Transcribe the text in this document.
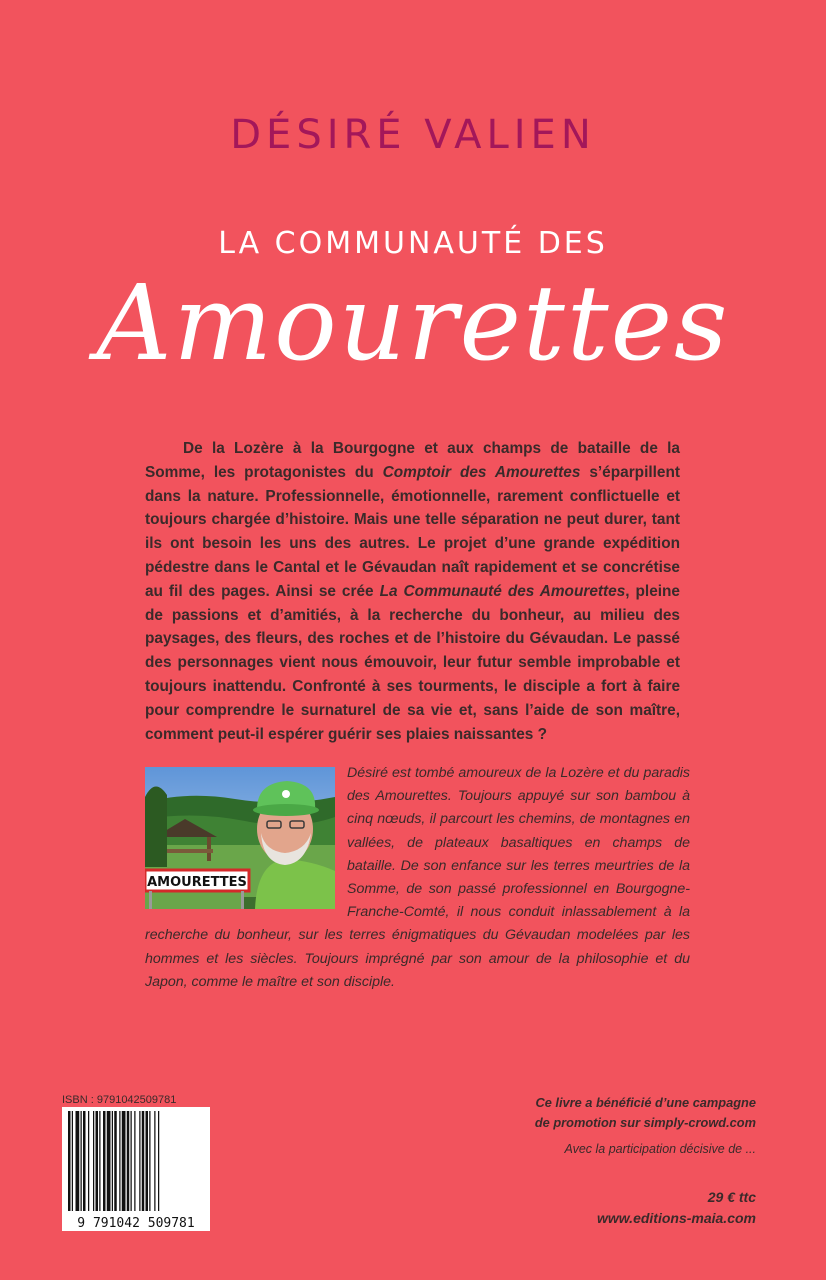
DÉSIRÉ VALIEN
LA COMMUNAUTÉ DES
Amourettes

De la Lozère à la Bourgogne et aux champs de bataille de la Somme, les protagonistes du Comptoir des Amourettes s’éparpillent dans la nature. Professionnelle, émotionnelle, rarement conflictuelle et toujours chargée d’histoire. Mais une telle séparation ne peut durer, tant ils ont besoin les uns des autres. Le projet d’une grande expédition pédestre dans le Cantal et le Gévaudan naît rapidement et se concrétise au fil des pages. Ainsi se crée La Communauté des Amourettes, pleine de passions et d’amitiés, à la recherche du bonheur, au milieu des paysages, des fleurs, des roches et de l’histoire du Gévaudan. Le passé des personnages vient nous émouvoir, leur futur semble improbable et toujours inattendu. Confronté à ses tourments, le disciple a fort à faire pour comprendre le surnaturel de sa vie et, sans l’aide de son maître, comment peut-il espérer guérir ses plaies naissantes ?

AMOURETTES

Désiré est tombé amoureux de la Lozère et du paradis des Amourettes. Toujours appuyé sur son bambou à cinq nœuds, il parcourt les chemins, de montagnes en vallées, de plateaux basaltiques en champs de bataille. De son enfance sur les terres meurtries de la Somme, de son passé professionnel en Bourgogne-Franche-Comté, il nous conduit inlassablement à la recherche du bonheur, sur les terres énigmatiques du Gévaudan modelées par les hommes et les siècles. Toujours imprégné par son amour de la philosophie et du Japon, comme le maître et son disciple.

ISBN : 9791042509781
9 791042 509781
Ce livre a bénéficié d’une campagne
de promotion sur simply-crowd.com
Avec la participation décisive de ...
29 € ttc
www.editions-maia.com
